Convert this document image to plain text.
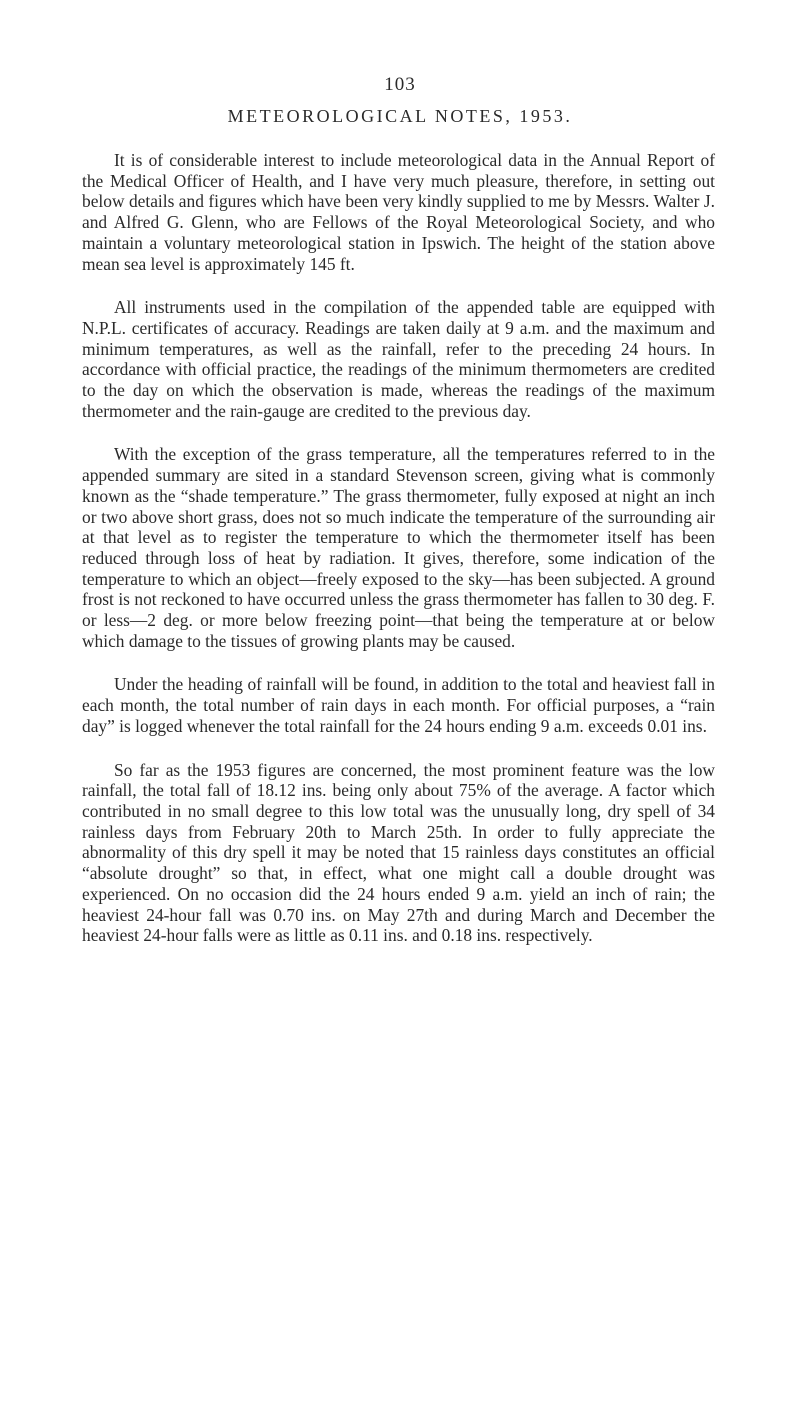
103
METEOROLOGICAL NOTES, 1953.

It is of considerable interest to include meteorological data in the Annual Report of the Medical Officer of Health, and I have very much pleasure, therefore, in setting out below details and figures which have been very kindly supplied to me by Messrs. Walter J. and Alfred G. Glenn, who are Fellows of the Royal Meteorological Society, and who maintain a voluntary meteorological station in Ipswich. The height of the station above mean sea level is approximately 145 ft.

All instruments used in the compilation of the appended table are equipped with N.P.L. certificates of accuracy. Readings are taken daily at 9 a.m. and the maximum and minimum temperatures, as well as the rainfall, refer to the preceding 24 hours. In accordance with official practice, the readings of the minimum thermometers are credited to the day on which the observation is made, whereas the readings of the maximum thermometer and the rain-gauge are credited to the previous day.

With the exception of the grass temperature, all the temperatures referred to in the appended summary are sited in a standard Stevenson screen, giving what is commonly known as the “shade temperature.” The grass thermometer, fully exposed at night an inch or two above short grass, does not so much indicate the temperature of the surrounding air at that level as to register the temperature to which the thermometer itself has been reduced through loss of heat by radiation. It gives, therefore, some indication of the temperature to which an object—freely exposed to the sky—has been subjected. A ground frost is not reckoned to have occurred unless the grass thermometer has fallen to 30 deg. F. or less—2 deg. or more below freezing point—that being the temperature at or below which damage to the tissues of growing plants may be caused.

Under the heading of rainfall will be found, in addition to the total and heaviest fall in each month, the total number of rain days in each month. For official purposes, a “rain day” is logged whenever the total rainfall for the 24 hours ending 9 a.m. exceeds 0.01 ins.

So far as the 1953 figures are concerned, the most prominent feature was the low rainfall, the total fall of 18.12 ins. being only about 75% of the average. A factor which contributed in no small degree to this low total was the unusually long, dry spell of 34 rainless days from February 20th to March 25th. In order to fully appreciate the abnormality of this dry spell it may be noted that 15 rainless days constitutes an official “absolute drought” so that, in effect, what one might call a double drought was experienced. On no occasion did the 24 hours ended 9 a.m. yield an inch of rain; the heaviest 24-hour fall was 0.70 ins. on May 27th and during March and December the heaviest 24-hour falls were as little as 0.11 ins. and 0.18 ins. respectively.
